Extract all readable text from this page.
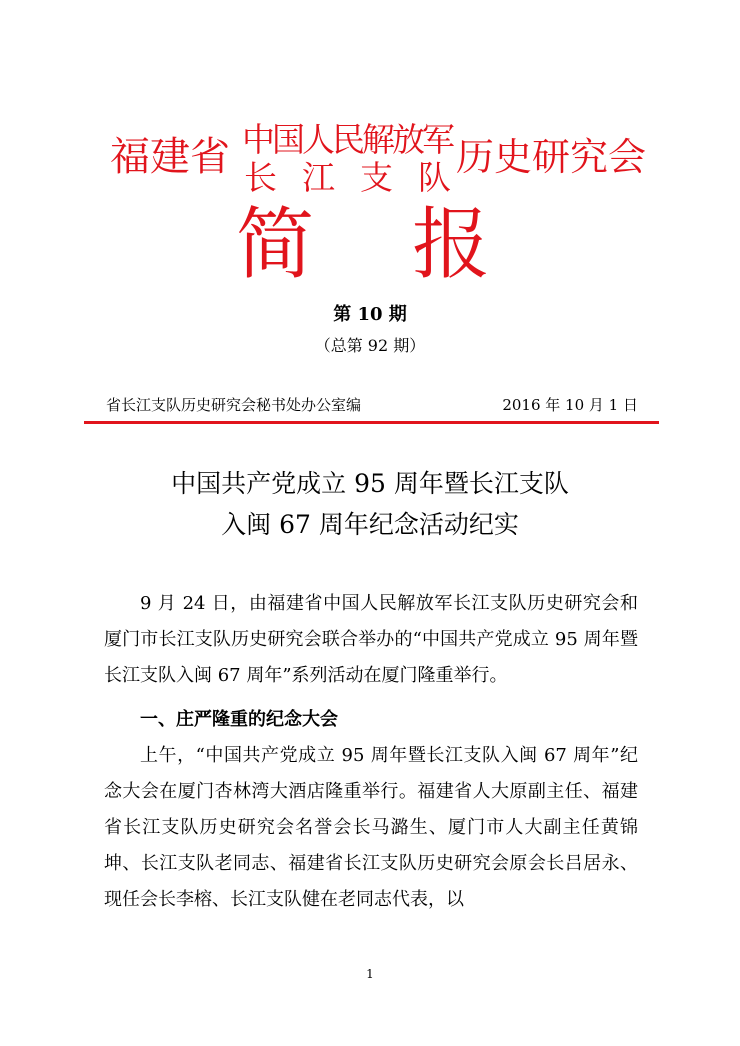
福建省 中国人民解放军
长江支队
历史研究会
简报
第 10 期
（总第 92 期）
省长江支队历史研究会秘书处办公室编	2016 年 10 月 1 日
中国共产党成立 95 周年暨长江支队
入闽 67 周年纪念活动纪实

9 月 24 日，由福建省中国人民解放军长江支队历史研究会和厦门市长江支队历史研究会联合举办的“中国共产党成立 95 周年暨长江支队入闽 67 周年”系列活动在厦门隆重举行。

一、庄严隆重的纪念大会

上午，“中国共产党成立 95 周年暨长江支队入闽 67 周年”纪念大会在厦门杏林湾大酒店隆重举行。福建省人大原副主任、福建省长江支队历史研究会名誉会长马潞生、厦门市人大副主任黄锦坤、长江支队老同志、福建省长江支队历史研究会原会长吕居永、现任会长李榕、长江支队健在老同志代表，以

1
